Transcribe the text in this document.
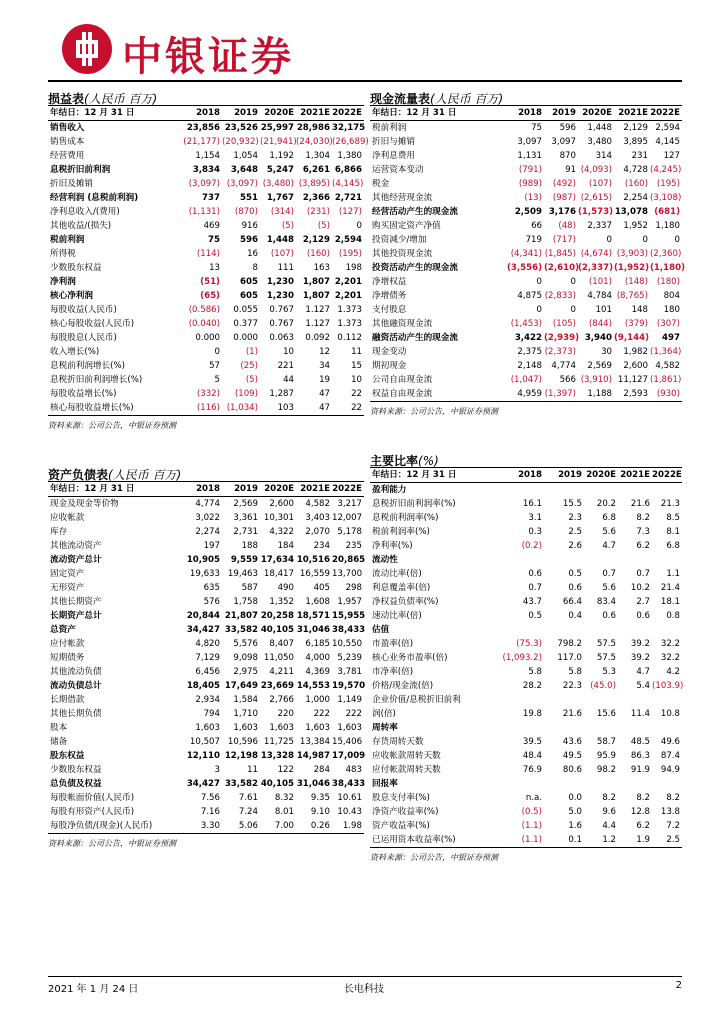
中银证券
损益表(人民币 百万)
年结日：12 月 31 日	2018	2019	2020E	2021E	2022E
销售收入	23,856	23,526	25,997	28,986	32,175
销售成本	(21,177)	(20,932)	(21,941)	(24,030)	(26,689)
经营费用	1,154	1,054	1,192	1,304	1,380
息税折旧前利润	3,834	3,648	5,247	6,261	6,866
折旧及摊销	(3,097)	(3,097)	(3,480)	(3,895)	(4,145)
经营利润 (息税前利润)	737	551	1,767	2,366	2,721
净利息收入/(费用)	(1,131)	(870)	(314)	(231)	(127)
其他收益/(损失)	469	916	(5)	(5)	0
税前利润	75	596	1,448	2,129	2,594
所得税	(114)	16	(107)	(160)	(195)
少数股东权益	13	8	111	163	198
净利润	(51)	605	1,230	1,807	2,201
核心净利润	(65)	605	1,230	1,807	2,201
每股收益(人民币)	(0.586)	0.055	0.767	1.127	1.373
核心每股收益(人民币)	(0.040)	0.377	0.767	1.127	1.373
每股股息(人民币)	0.000	0.000	0.063	0.092	0.112
收入增长(%)	0	(1)	10	12	11
息税前利润增长(%)	57	(25)	221	34	15
息税折旧前利润增长(%)	5	(5)	44	19	10
每股收益增长(%)	(332)	(109)	1,287	47	22
核心每股收益增长(%)	(116)	(1,034)	103	47	22
资料来源：公司公告，中银证券预测
现金流量表(人民币 百万)
年结日：12 月 31 日	2018	2019	2020E	2021E	2022E
税前利润	75	596	1,448	2,129	2,594
折旧与摊销	3,097	3,097	3,480	3,895	4,145
净利息费用	1,131	870	314	231	127
运营资本变动	(791)	91	(4,093)	4,728	(4,245)
税金	(989)	(492)	(107)	(160)	(195)
其他经营现金流	(13)	(987)	(2,615)	2,254	(3,108)
经营活动产生的现金流	2,509	3,176	(1,573)	13,078	(681)
购买固定资产净值	66	(48)	2,337	1,952	1,180
投资减少/增加	719	(717)	0	0	0
其他投资现金流	(4,341)	(1,845)	(4,674)	(3,903)	(2,360)
投资活动产生的现金流	(3,556)	(2,610)	(2,337)	(1,952)	(1,180)
净增权益	0	0	(101)	(148)	(180)
净增债务	4,875	(2,833)	4,784	(8,765)	804
支付股息	0	0	101	148	180
其他融资现金流	(1,453)	(105)	(844)	(379)	(307)
融资活动产生的现金流	3,422	(2,939)	3,940	(9,144)	497
现金变动	2,375	(2,373)	30	1,982	(1,364)
期初现金	2,148	4,774	2,569	2,600	4,582
公司自由现金流	(1,047)	566	(3,910)	11,127	(1,861)
权益自由现金流	4,959	(1,397)	1,188	2,593	(930)
资料来源：公司公告，中银证券预测
资产负债表(人民币 百万)
年结日：12 月 31 日	2018	2019	2020E	2021E	2022E
现金及现金等价物	4,774	2,569	2,600	4,582	3,217
应收帐款	3,022	3,361	10,301	3,403	12,007
库存	2,274	2,731	4,322	2,070	5,178
其他流动资产	197	188	184	234	235
流动资产总计	10,905	9,559	17,634	10,516	20,865
固定资产	19,633	19,463	18,417	16,559	13,700
无形资产	635	587	490	405	298
其他长期资产	576	1,758	1,352	1,608	1,957
长期资产总计	20,844	21,807	20,258	18,571	15,955
总资产	34,427	33,582	40,105	31,046	38,433
应付帐款	4,820	5,576	8,407	6,185	10,550
短期债务	7,129	9,098	11,050	4,000	5,239
其他流动负债	6,456	2,975	4,211	4,369	3,781
流动负债总计	18,405	17,649	23,669	14,553	19,570
长期借款	2,934	1,584	2,766	1,000	1,149
其他长期负债	794	1,710	220	222	222
股本	1,603	1,603	1,603	1,603	1,603
储备	10,507	10,596	11,725	13,384	15,406
股东权益	12,110	12,198	13,328	14,987	17,009
少数股东权益	3	11	122	284	483
总负债及权益	34,427	33,582	40,105	31,046	38,433
每股帐面价值(人民币)	7.56	7.61	8.32	9.35	10.61
每股有形资产(人民币)	7.16	7.24	8.01	9.10	10.43
每股净负债/(现金)(人民币)	3.30	5.06	7.00	0.26	1.98
资料来源：公司公告，中银证券预测
主要比率(%)
年结日：12 月 31 日	2018	2019	2020E	2021E	2022E
盈利能力					
息税折旧前利润率(%)	16.1	15.5	20.2	21.6	21.3
息税前利润率(%)	3.1	2.3	6.8	8.2	8.5
税前利润率(%)	0.3	2.5	5.6	7.3	8.1
净利率(%)	(0.2)	2.6	4.7	6.2	6.8
流动性					
流动比率(倍)	0.6	0.5	0.7	0.7	1.1
利息覆盖率(倍)	0.7	0.6	5.6	10.2	21.4
净权益负债率(%)	43.7	66.4	83.4	2.7	18.1
速动比率(倍)	0.5	0.4	0.6	0.6	0.8
估值					
市盈率(倍)	(75.3)	798.2	57.5	39.2	32.2
核心业务市盈率(倍)	(1,093.2)	117.0	57.5	39.2	32.2
市净率(倍)	5.8	5.8	5.3	4.7	4.2
价格/现金流(倍)	28.2	22.3	(45.0)	5.4	(103.9)
企业价值/息税折旧前利					
润(倍)	19.8	21.6	15.6	11.4	10.8
周转率					
存货周转天数	39.5	43.6	58.7	48.5	49.6
应收帐款周转天数	48.4	49.5	95.9	86.3	87.4
应付帐款周转天数	76.9	80.6	98.2	91.9	94.9
回报率					
股息支付率(%)	n.a.	0.0	8.2	8.2	8.2
净资产收益率(%)	(0.5)	5.0	9.6	12.8	13.8
资产收益率(%)	(1.1)	1.6	4.4	6.2	7.2
已运用资本收益率(%)	(1.1)	0.1	1.2	1.9	2.5
资料来源：公司公告，中银证券预测
2021 年 1 月 24 日	长电科技	2
